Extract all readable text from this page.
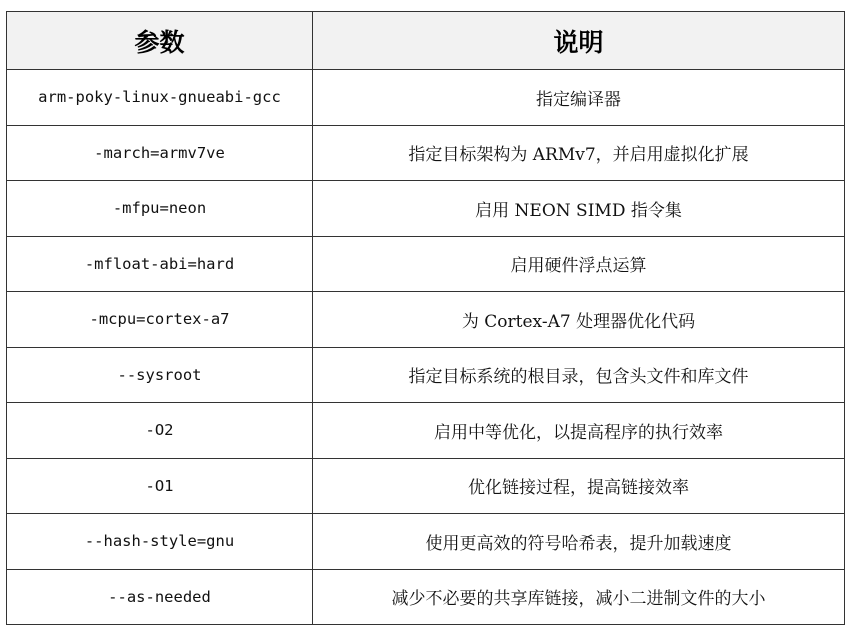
参数	说明
arm-poky-linux-gnueabi-gcc	指定编译器
-march=armv7ve	指定目标架构为 ARMv7，并启用虚拟化扩展
-mfpu=neon	启用 NEON SIMD 指令集
-mfloat-abi=hard	启用硬件浮点运算
-mcpu=cortex-a7	为 Cortex-A7 处理器优化代码
--sysroot	指定目标系统的根目录，包含头文件和库文件
-O2	启用中等优化，以提高程序的执行效率
-O1	优化链接过程，提高链接效率
--hash-style=gnu	使用更高效的符号哈希表，提升加载速度
--as-needed	减少不必要的共享库链接，减小二进制文件的大小
